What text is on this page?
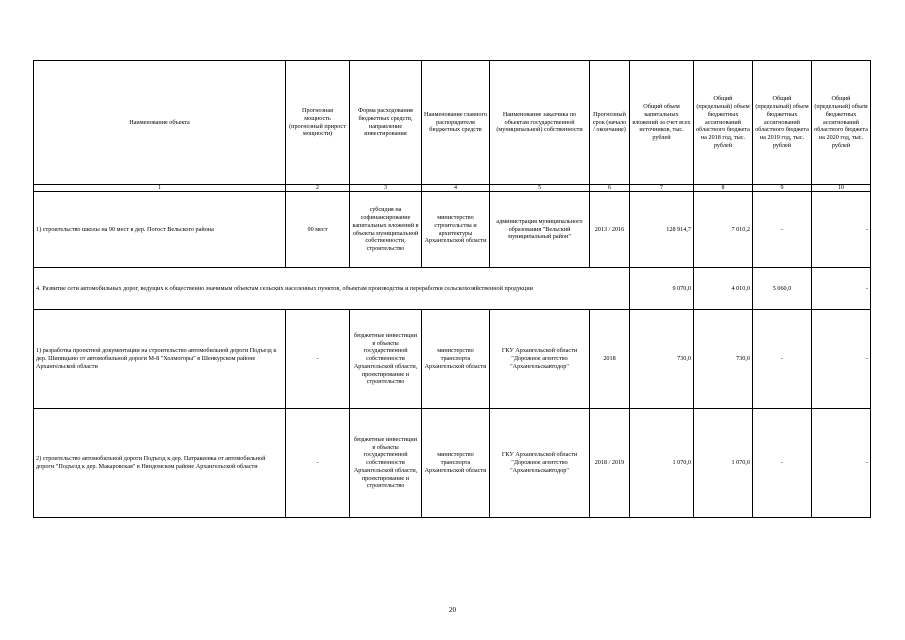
Наименование объекта	Прогнозная мощность (прогнозный прирост мощности)	Форма расходования бюджетных средств, направление инвестирования	Наименование главного распорядителя бюджетных средств	Наименование заказчика по объектам государственной (муниципальной) собственности	Прогнозный срок (начало / окончание)	Общий объем капитальных вложений за счет всех источников, тыс. рублей	Общий (предельный) объем бюджетных ассигнований областного бюджета на 2018 год, тыс. рублей	Общий (предельный) объем бюджетных ассигнований областного бюджета на 2019 год, тыс. рублей	Общий (предельный) объем бюджетных ассигнований областного бюджета на 2020 год, тыс. рублей
1	2	3	4	5	6	7	8	9	10
1) строительство школы на 90 мест в дер. Погост Вельского района	90 мест	субсидия на софинансирование капитальных вложений в объекты муниципальной собственности, строительство	министерство строительства и архитектуры Архангельской области	администрация муниципального образования "Вельский муниципальный район"	2013 / 2016	128 914,7	7 010,2	-	-
4. Развитие сети автомобильных дорог, ведущих к общественно значимым объектам сельских населенных пунктов, объектам производства и переработки сельскохозяйственной продукции						9 070,0	4 010,0	5 060,0	-
1) разработка проектной документации на строительство автомобильной дороги Подъезд к дер. Шипицыно от автомобильной дороги М-8 "Холмогоры" в Шенкурском районе Архангельской области	-	бюджетные инвестиции в объекты государственной собственности Архангельской области, проектирование и строительство	министерство транспорта Архангельской области	ГКУ Архангельской области "Дорожное агентство "Архангельскавтодор"	2018	730,0	730,0	-	-
2) строительство автомобильной дороги Подъезд к дер. Патракеевка от автомобильной дороги "Подъезд к дер. Макаровская" в Няндомском районе Архангельской области	-	бюджетные инвестиции в объекты государственной собственности Архангельской области, проектирование и строительство	министерство транспорта Архангельской области	ГКУ Архангельской области "Дорожное агентство "Архангельскавтодор"	2018 / 2019	1 070,0	1 070,0	-	-
20
